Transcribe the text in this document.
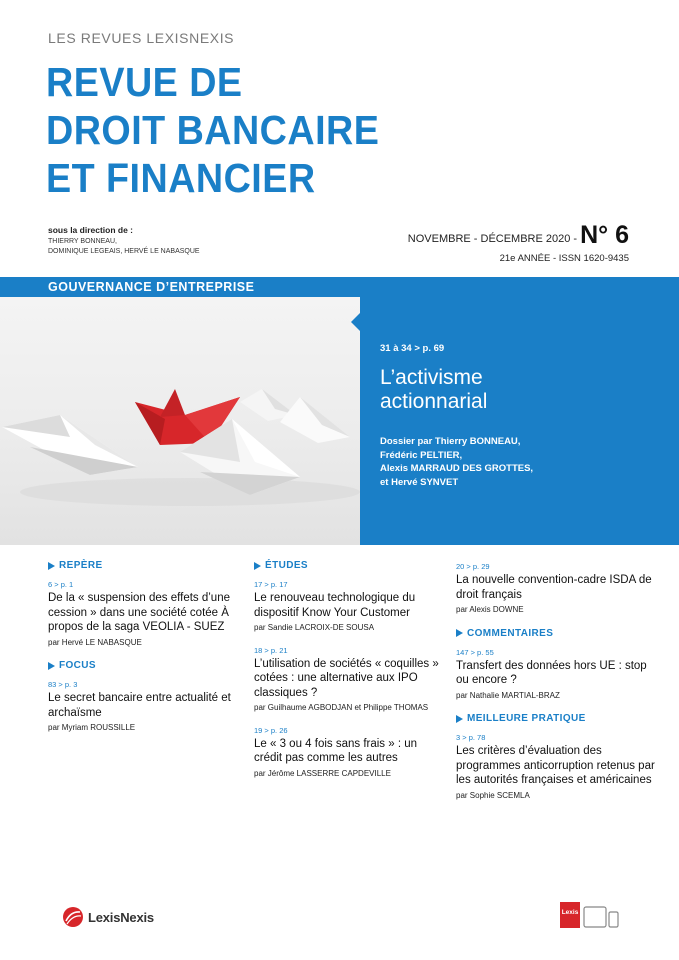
LES REVUES LEXISNEXIS
REVUE DE
DROIT BANCAIRE
ET FINANCIER
sous la direction de :
THIERRY BONNEAU,
DOMINIQUE LEGEAIS, HERVÉ LE NABASQUE
NOVEMBRE - DÉCEMBRE 2020 - N° 6
21e ANNÉE - ISSN 1620-9435
GOUVERNANCE D’ENTREPRISE
31 à 34 > p. 69
L’activisme
actionnarial
Dossier par Thierry BONNEAU,
Frédéric PELTIER,
Alexis MARRAUD DES GROTTES,
et Hervé SYNVET
REPÈRE
6 > p. 1
De la « suspension des effets d’une cession » dans une société cotée À propos de la saga VEOLIA - SUEZ
par Hervé LE NABASQUE
FOCUS
83 > p. 3
Le secret bancaire entre actualité et archaïsme
par Myriam ROUSSILLE
ÉTUDES
17 > p. 17
Le renouveau technologique du dispositif Know Your Customer
par Sandie LACROIX-DE SOUSA
18 > p. 21
L’utilisation de sociétés « coquilles » cotées : une alternative aux IPO classiques ?
par Guilhaume AGBODJAN et Philippe THOMAS
19 > p. 26
Le « 3 ou 4 fois sans frais » : un crédit pas comme les autres
par Jérôme LASSERRE CAPDEVILLE
20 > p. 29
La nouvelle convention-cadre ISDA de droit français
par Alexis DOWNE
COMMENTAIRES
147 > p. 55
Transfert des données hors UE : stop ou encore ?
par Nathalie MARTIAL-BRAZ
MEILLEURE PRATIQUE
3 > p. 78
Les critères d’évaluation des programmes anticorruption retenus par les autorités françaises et américaines
par Sophie SCEMLA
LexisNexis	Lexis
